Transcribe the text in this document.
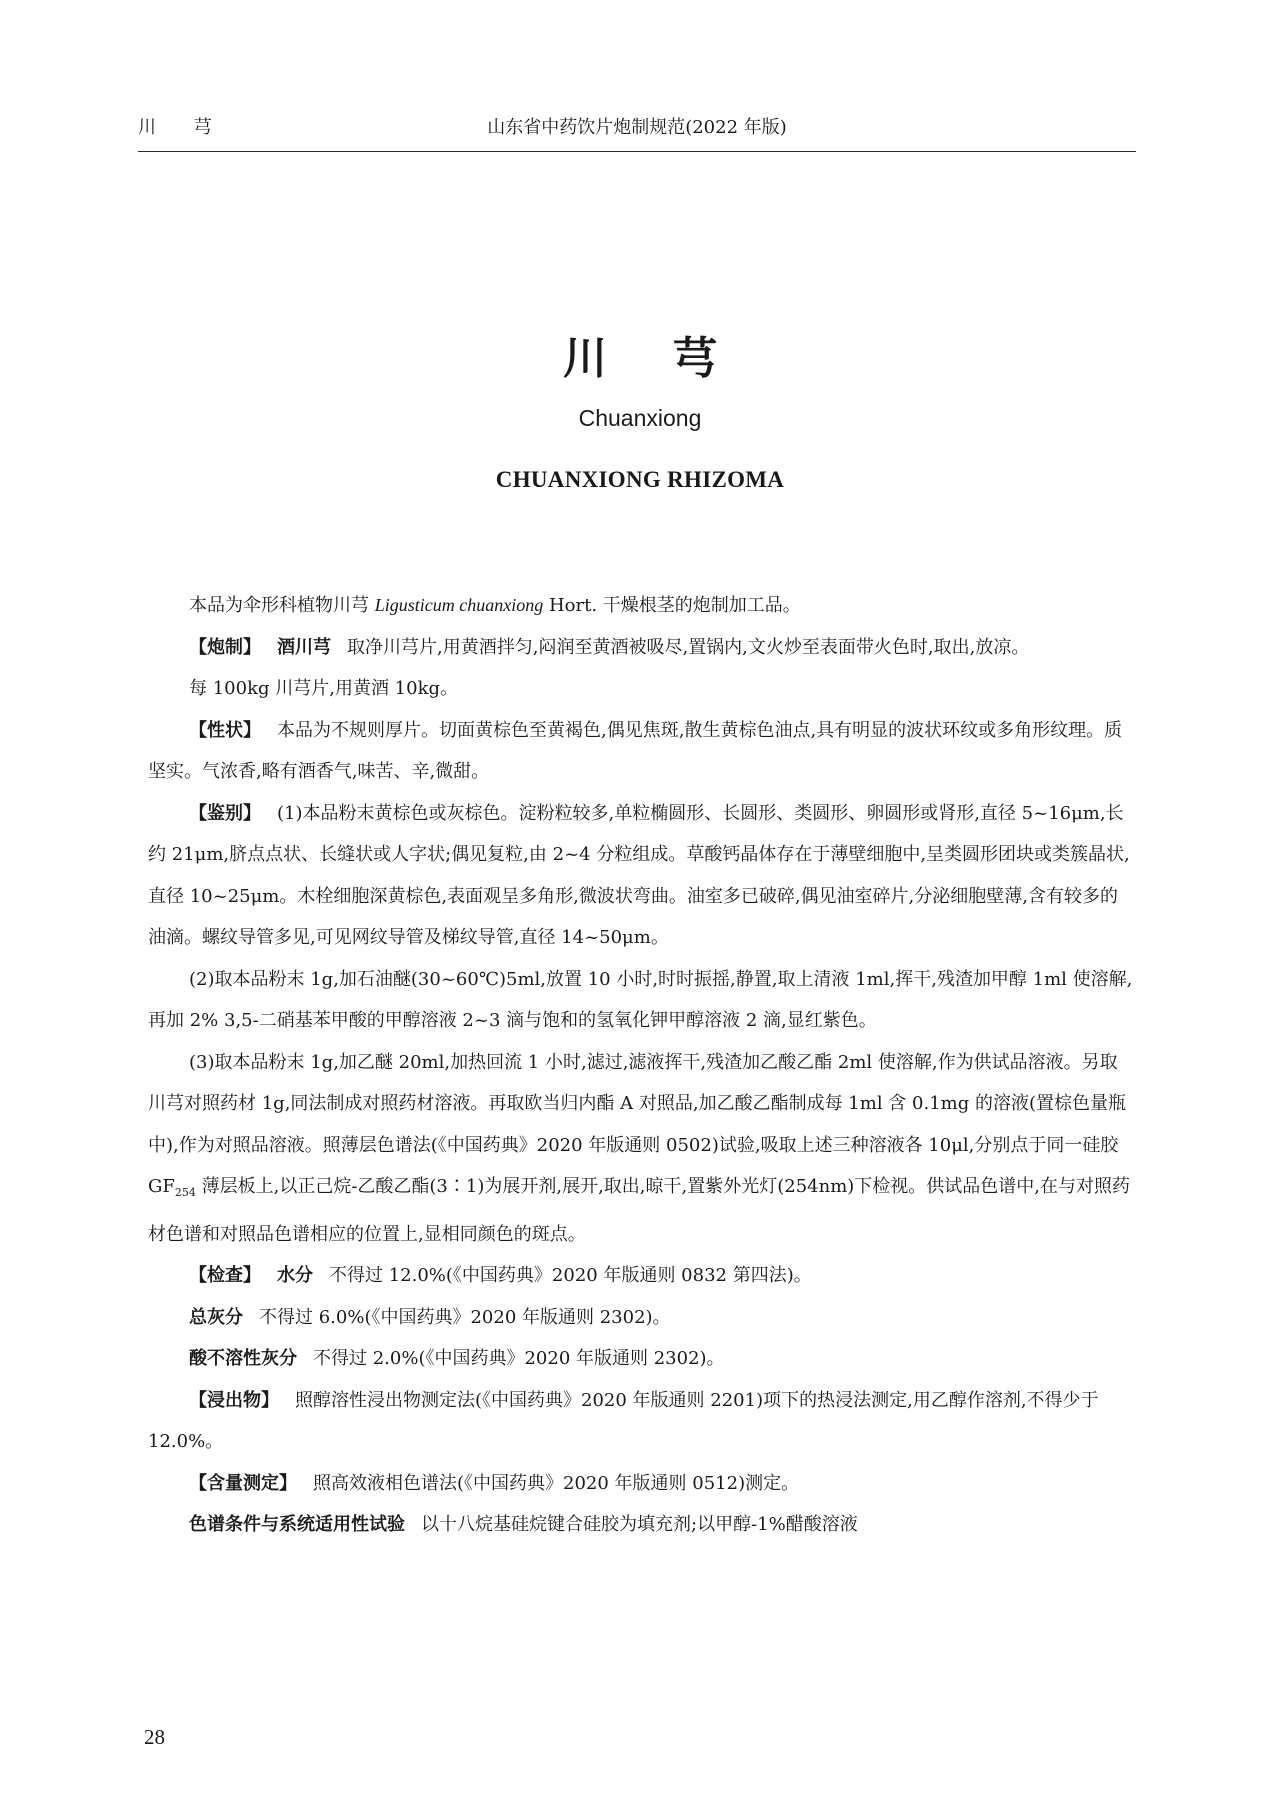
川 芎	山东省中药饮片炮制规范(2022 年版)
川 芎
Chuanxiong
CHUANXIONG RHIZOMA

本品为伞形科植物川芎 Ligusticum chuanxiong Hort. 干燥根茎的炮制加工品。

【炮制】 酒川芎 取净川芎片,用黄酒拌匀,闷润至黄酒被吸尽,置锅内,文火炒至表面带火色时,取出,放凉。

每 100kg 川芎片,用黄酒 10kg。

【性状】 本品为不规则厚片。切面黄棕色至黄褐色,偶见焦斑,散生黄棕色油点,具有明显的波状环纹或多角形纹理。质坚实。气浓香,略有酒香气,味苦、辛,微甜。

【鉴别】 (1)本品粉末黄棕色或灰棕色。淀粉粒较多,单粒椭圆形、长圆形、类圆形、卵圆形或肾形,直径 5~16μm,长约 21μm,脐点点状、长缝状或人字状;偶见复粒,由 2~4 分粒组成。草酸钙晶体存在于薄壁细胞中,呈类圆形团块或类簇晶状,直径 10~25μm。木栓细胞深黄棕色,表面观呈多角形,微波状弯曲。油室多已破碎,偶见油室碎片,分泌细胞壁薄,含有较多的油滴。螺纹导管多见,可见网纹导管及梯纹导管,直径 14~50μm。

(2)取本品粉末 1g,加石油醚(30~60℃)5ml,放置 10 小时,时时振摇,静置,取上清液 1ml,挥干,残渣加甲醇 1ml 使溶解,再加 2% 3,5-二硝基苯甲酸的甲醇溶液 2~3 滴与饱和的氢氧化钾甲醇溶液 2 滴,显红紫色。

(3)取本品粉末 1g,加乙醚 20ml,加热回流 1 小时,滤过,滤液挥干,残渣加乙酸乙酯 2ml 使溶解,作为供试品溶液。另取川芎对照药材 1g,同法制成对照药材溶液。再取欧当归内酯 A 对照品,加乙酸乙酯制成每 1ml 含 0.1mg 的溶液(置棕色量瓶中),作为对照品溶液。照薄层色谱法(《中国药典》2020 年版通则 0502)试验,吸取上述三种溶液各 10μl,分别点于同一硅胶 $GF_{254}$ 薄层板上,以正己烷-乙酸乙酯(3∶1)为展开剂,展开,取出,晾干,置紫外光灯(254nm)下检视。供试品色谱中,在与对照药材色谱和对照品色谱相应的位置上,显相同颜色的斑点。

【检查】 水分 不得过 12.0%(《中国药典》2020 年版通则 0832 第四法)。

总灰分 不得过 6.0%(《中国药典》2020 年版通则 2302)。

酸不溶性灰分 不得过 2.0%(《中国药典》2020 年版通则 2302)。

【浸出物】 照醇溶性浸出物测定法(《中国药典》2020 年版通则 2201)项下的热浸法测定,用乙醇作溶剂,不得少于 12.0%。

【含量测定】 照高效液相色谱法(《中国药典》2020 年版通则 0512)测定。

色谱条件与系统适用性试验 以十八烷基硅烷键合硅胶为填充剂;以甲醇-1%醋酸溶液

28
